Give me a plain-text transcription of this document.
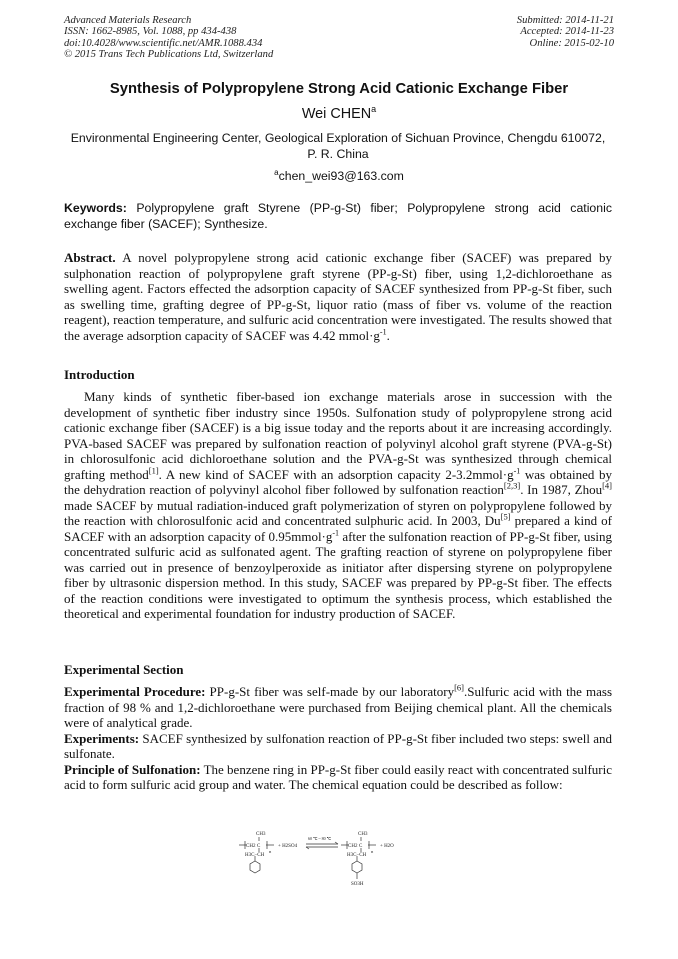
Advanced Materials Research
ISSN: 1662-8985, Vol. 1088, pp 434-438
doi:10.4028/www.scientific.net/AMR.1088.434
© 2015 Trans Tech Publications Ltd, Switzerland
Submitted: 2014-11-21
Accepted: 2014-11-23
Online: 2015-02-10
Synthesis of Polypropylene Strong Acid Cationic Exchange Fiber
Wei CHEN$^a$
Environmental Engineering Center, Geological Exploration of Sichuan Province, Chengdu 610072, P. R. China
$^a$chen_wei93@163.com
Keywords: Polypropylene graft Styrene (PP-g-St) fiber; Polypropylene strong acid cationic exchange fiber (SACEF); Synthesize.
Abstract. A novel polypropylene strong acid cationic exchange fiber (SACEF) was prepared by sulphonation reaction of polypropylene graft styrene (PP-g-St) fiber, using 1,2-dichloroethane as swelling agent. Factors effected the adsorption capacity of SACEF synthesized from PP-g-St fiber, such as swelling time, grafting degree of PP-g-St, liquor ratio (mass of fiber vs. volume of the reaction reagent), reaction temperature, and sulfuric acid concentration were investigated. The results showed that the average adsorption capacity of SACEF was 4.42 $mmol\cdot g^{-1}$.
Introduction
Many kinds of synthetic fiber-based ion exchange materials arose in succession with the development of synthetic fiber industry since 1950s. Sulfonation study of polypropylene strong acid cationic exchange fiber (SACEF) is a big issue today and the reports about it are increasing accordingly. PVA-based SACEF was prepared by sulfonation reaction of polyvinyl alcohol graft styrene (PVA-g-St) in chlorosulfonic acid dichloroethane solution and the PVA-g-St was synthesized through chemical grafting method[1]. A new kind of SACEF with an adsorption capacity $2-3.2mmol\cdot g^{-1}$ was obtained by the dehydration reaction of polyvinyl alcohol fiber followed by sulfonation reaction[2,3]. In 1987, Zhou[4] made SACEF by mutual radiation-induced graft polymerization of styren on polypropylene followed by the reaction with chlorosulfonic acid and concentrated sulphuric acid. In 2003, Du[5] prepared a kind of SACEF with an adsorption capacity of $0.95mmol\cdot g^{-1}$ after the sulfonation reaction of PP-g-St fiber, using concentrated sulfuric acid as sulfonated agent. The grafting reaction of styrene on polypropylene fiber was carried out in presence of benzoylperoxide as initiator after dispersing styrene on polypropylene fiber by ultrasonic dispersion method. In this study, SACEF was prepared by PP-g-St fiber. The effects of the reaction conditions were investigated to optimum the synthesis process, which established the theoretical and experimental foundation for industry production of SACEF.
Experimental Section

Experimental Procedure: PP-g-St fiber was self-made by our laboratory[6].Sulfuric acid with the mass fraction of 98 % and 1,2-dichloroethane were purchased from Beijing chemical plant. All the chemicals were of analytical grade.

Experiments: SACEF synthesized by sulfonation reaction of PP-g-St fiber included two steps: swell and sulfonate.

Principle of Sulfonation: The benzene ring in PP-g-St fiber could easily react with concentrated sulfuric acid to form sulfuric acid group and water. The chemical equation could be described as follow:

CH3
CH2 C
H3C−CH
n
+ H2SO4
60 ℃ ~ 80 ℃
CH3
CH2 C
H3C−CH
n
+ H2O
SO3H
